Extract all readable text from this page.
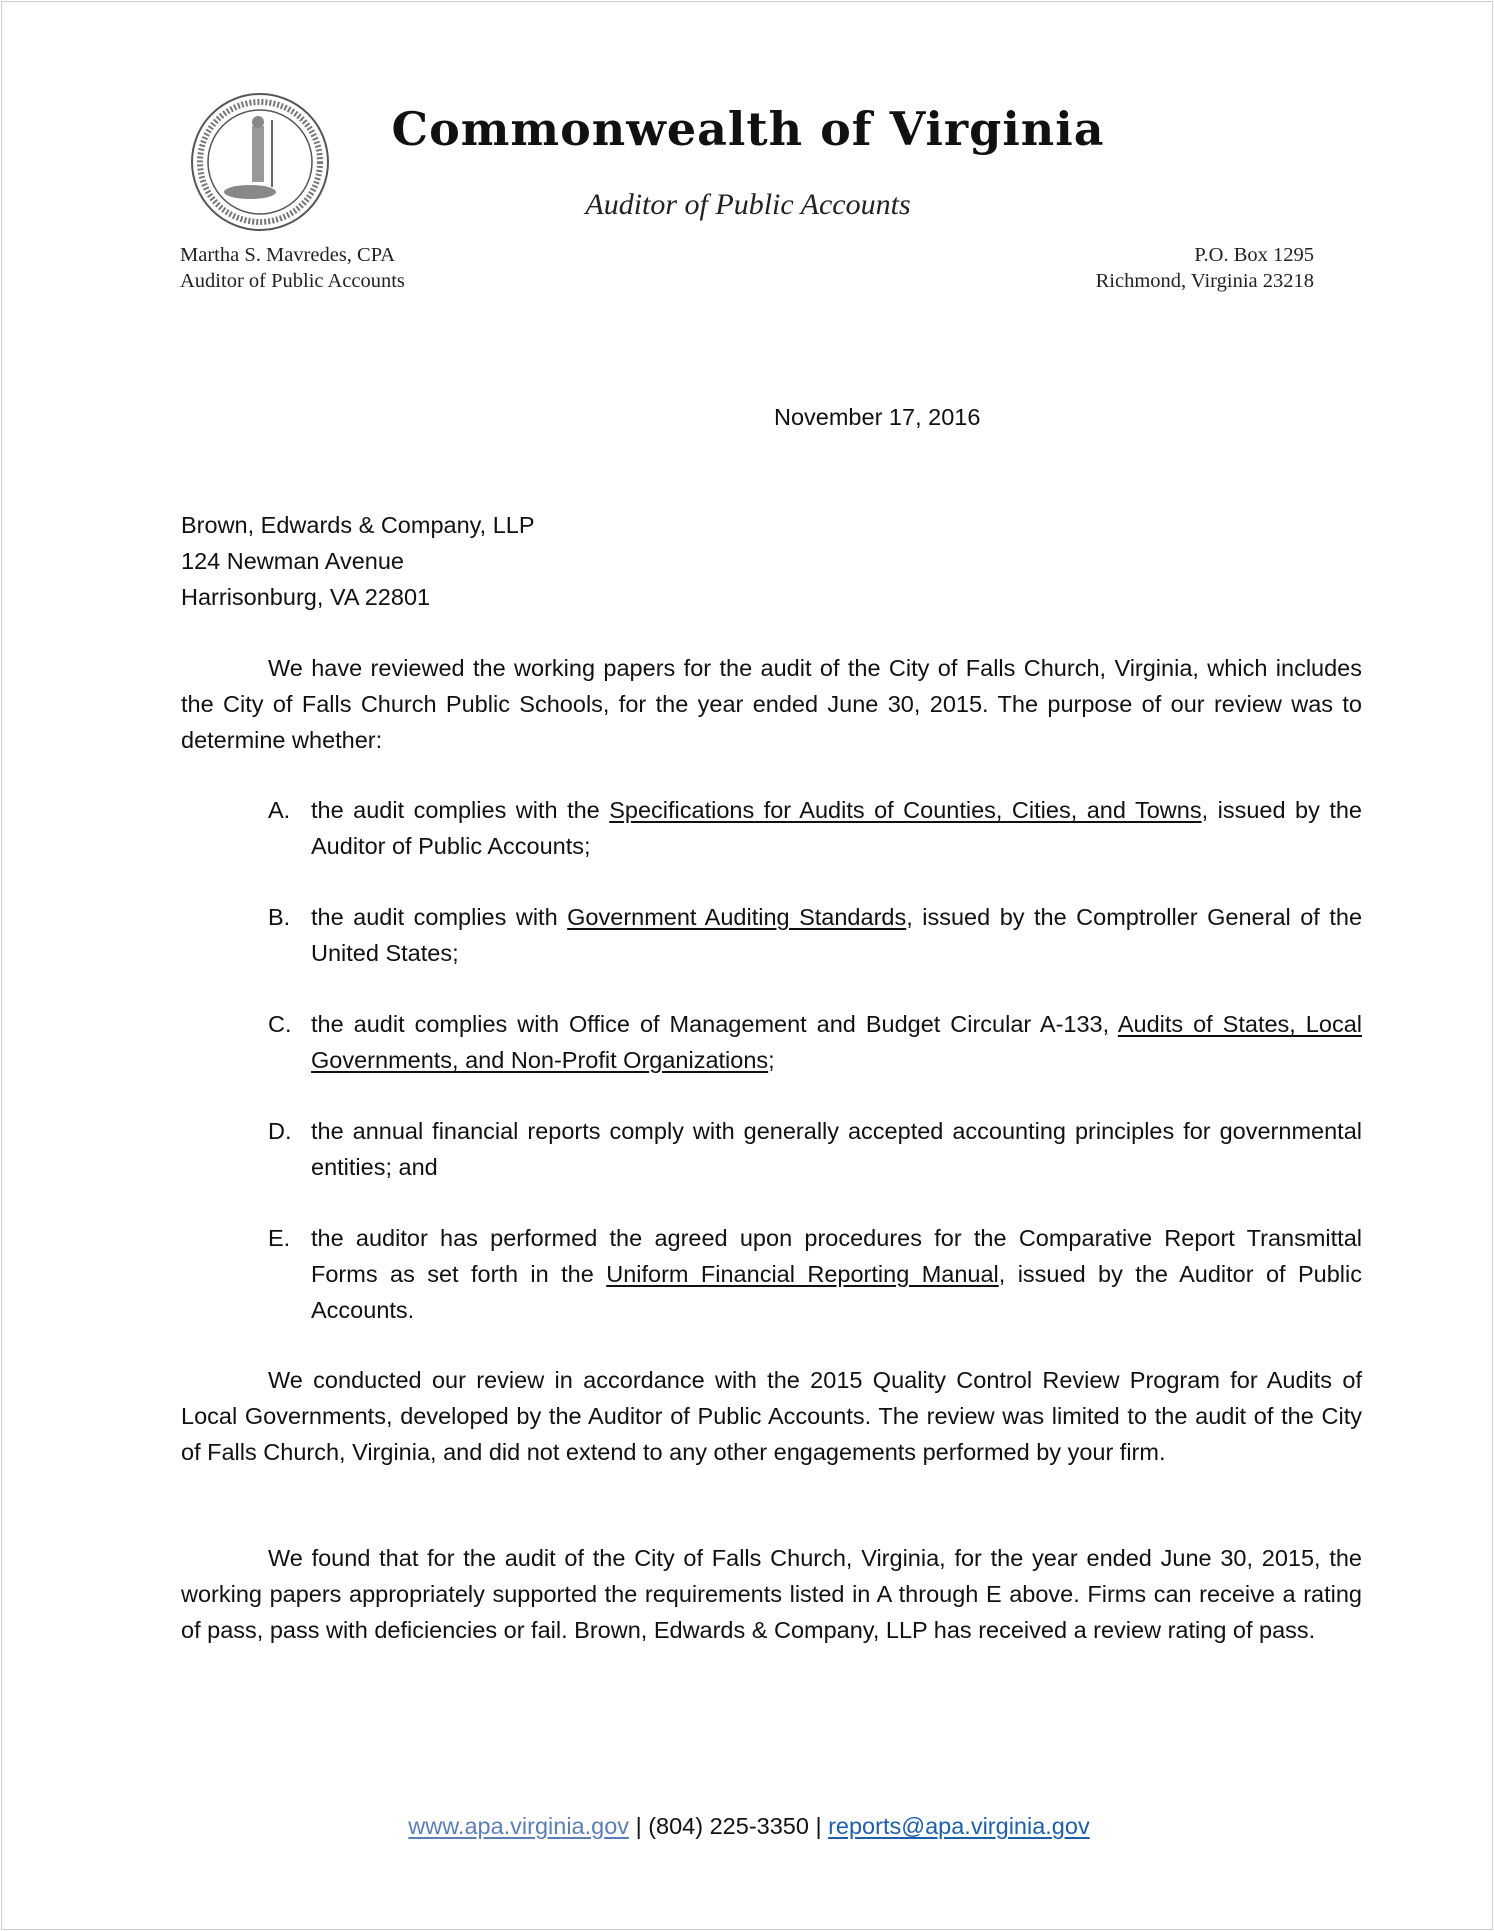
Commonwealth of Virginia
Auditor of Public Accounts
Martha S. Mavredes, CPA
Auditor of Public Accounts
P.O. Box 1295
Richmond, Virginia 23218
November 17, 2016
Brown, Edwards & Company, LLP
124 Newman Avenue
Harrisonburg, VA 22801
We have reviewed the working papers for the audit of the City of Falls Church, Virginia, which includes the City of Falls Church Public Schools, for the year ended June 30, 2015. The purpose of our review was to determine whether:
A. the audit complies with the Specifications for Audits of Counties, Cities, and Towns, issued by the Auditor of Public Accounts;
B. the audit complies with Government Auditing Standards, issued by the Comptroller General of the United States;
C. the audit complies with Office of Management and Budget Circular A-133, Audits of States, Local Governments, and Non-Profit Organizations;
D. the annual financial reports comply with generally accepted accounting principles for governmental entities; and
E. the auditor has performed the agreed upon procedures for the Comparative Report Transmittal Forms as set forth in the Uniform Financial Reporting Manual, issued by the Auditor of Public Accounts.
We conducted our review in accordance with the 2015 Quality Control Review Program for Audits of Local Governments, developed by the Auditor of Public Accounts. The review was limited to the audit of the City of Falls Church, Virginia, and did not extend to any other engagements performed by your firm.
We found that for the audit of the City of Falls Church, Virginia, for the year ended June 30, 2015, the working papers appropriately supported the requirements listed in A through E above. Firms can receive a rating of pass, pass with deficiencies or fail. Brown, Edwards & Company, LLP has received a review rating of pass.
www.apa.virginia.gov | (804) 225-3350 | reports@apa.virginia.gov
